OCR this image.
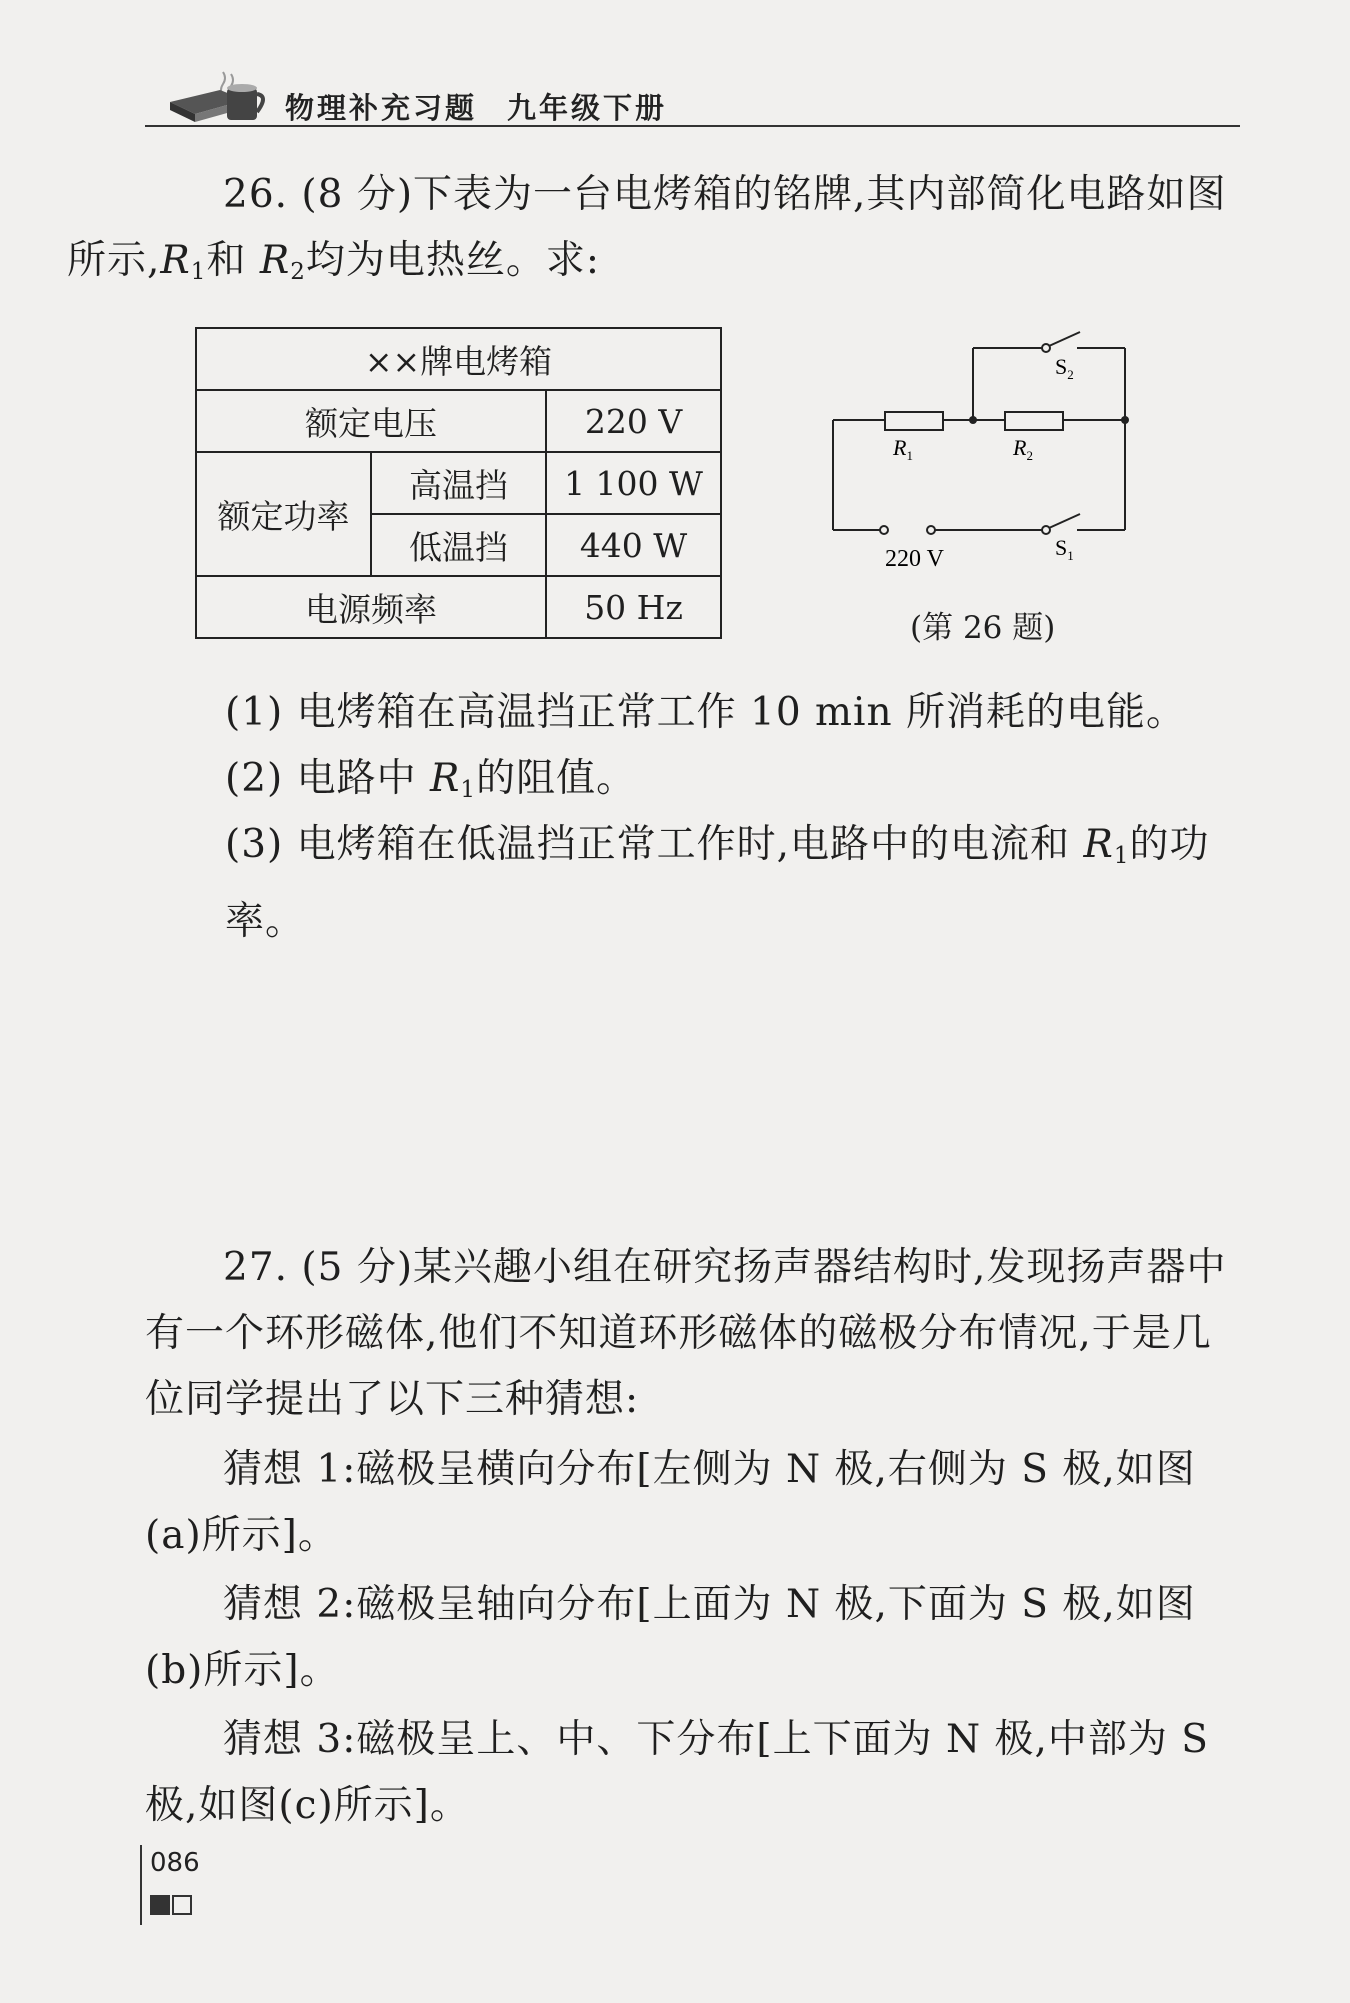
物理补充习题 九年级下册
26. (8 分)下表为一台电烤箱的铭牌,其内部简化电路如图
所示$,R_1$和 $R_2$均为电热丝。求:
××牌电烤箱		
额定电压		220 V
额定功率	高温挡	1 100 W
	低温挡	440 W
电源频率		50 Hz
$R_1$	$R_2$
$S_2$
$S_1$
220 V
(第 26 题)
(1) 电烤箱在高温挡正常工作 10 min 所消耗的电能。
(2) 电路中 $R_1$的阻值。
(3) 电烤箱在低温挡正常工作时,电路中的电流和 $R_1$的功率。
27. (5 分)某兴趣小组在研究扬声器结构时,发现扬声器中有一个环形磁体,他们不知道环形磁体的磁极分布情况,于是几位同学提出了以下三种猜想:
猜想 1:磁极呈横向分布[左侧为 N 极,右侧为 S 极,如图(a)所示]。
猜想 2:磁极呈轴向分布[上面为 N 极,下面为 S 极,如图(b)所示]。
猜想 3:磁极呈上、中、下分布[上下面为 N 极,中部为 S 极,如图(c)所示]。
086
